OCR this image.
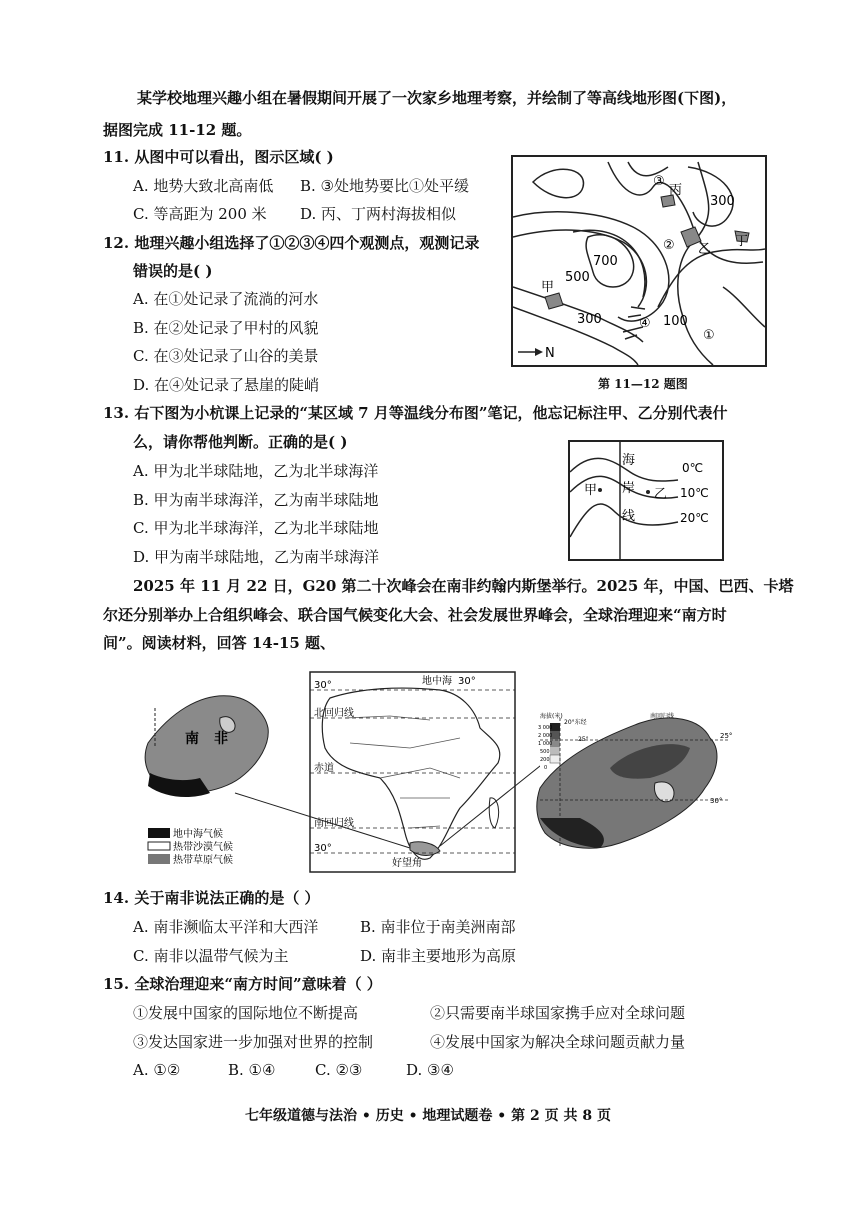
某学校地理兴趣小组在暑假期间开展了一次家乡地理考察，并绘制了等高线地形图(下图)，
据图完成 11-12 题。
11. 从图中可以看出，图示区域( )
A. 地势大致北高南低 B. ③处地势要比①处平缓
C. 等高距为 200 米 D. 丙、丁两村海拔相似
12. 地理兴趣小组选择了①②③④四个观测点，观测记录
错误的是( )
A. 在①处记录了流淌的河水
B. 在②处记录了甲村的风貌
C. 在③处记录了山谷的美景
D. 在④处记录了悬崖的陡峭
③
丙
300
② 乙
丁
700
500
甲
300	④ 100
①
N
第 11—12 题图
13. 右下图为小杭课上记录的“某区域 7 月等温线分布图”笔记，他忘记标注甲、乙分别代表什
么，请你帮他判断。正确的是( )
A. 甲为北半球陆地，乙为北半球海洋
B. 甲为南半球海洋，乙为南半球陆地
C. 甲为北半球海洋，乙为北半球陆地
D. 甲为南半球陆地，乙为南半球海洋
海
岸
线
甲	乙
0℃
10℃
20℃
2025 年 11 月 22 日，G20 第二十次峰会在南非约翰内斯堡举行。2025 年，中国、巴西、卡塔
尔还分别举办上合组织峰会、联合国气候变化大会、社会发展世界峰会，全球治理迎来“南方时
间”。阅读材料，回答 14-15 题、
南 非
地中海气候
热带沙漠气候
热带草原气候
30°	地中海 30°
北回归线
赤道
南回归线
30°
好望角
海拔(米)
3 000
2 000
1 000
500
200
0
20°东经
25°	25°
30°
南回归线
14. 关于南非说法正确的是（ ）
A. 南非濒临太平洋和大西洋	B. 南非位于南美洲南部
C. 南非以温带气候为主	D. 南非主要地形为高原
15. 全球治理迎来“南方时间”意味着（ ）
①发展中国家的国际地位不断提高	②只需要南半球国家携手应对全球问题
③发达国家进一步加强对世界的控制	④发展中国家为解决全球问题贡献力量
A. ①②	B. ①④	C. ②③	D. ③④
七年级道德与法治 • 历史 • 地理试题卷 • 第 2 页 共 8 页
